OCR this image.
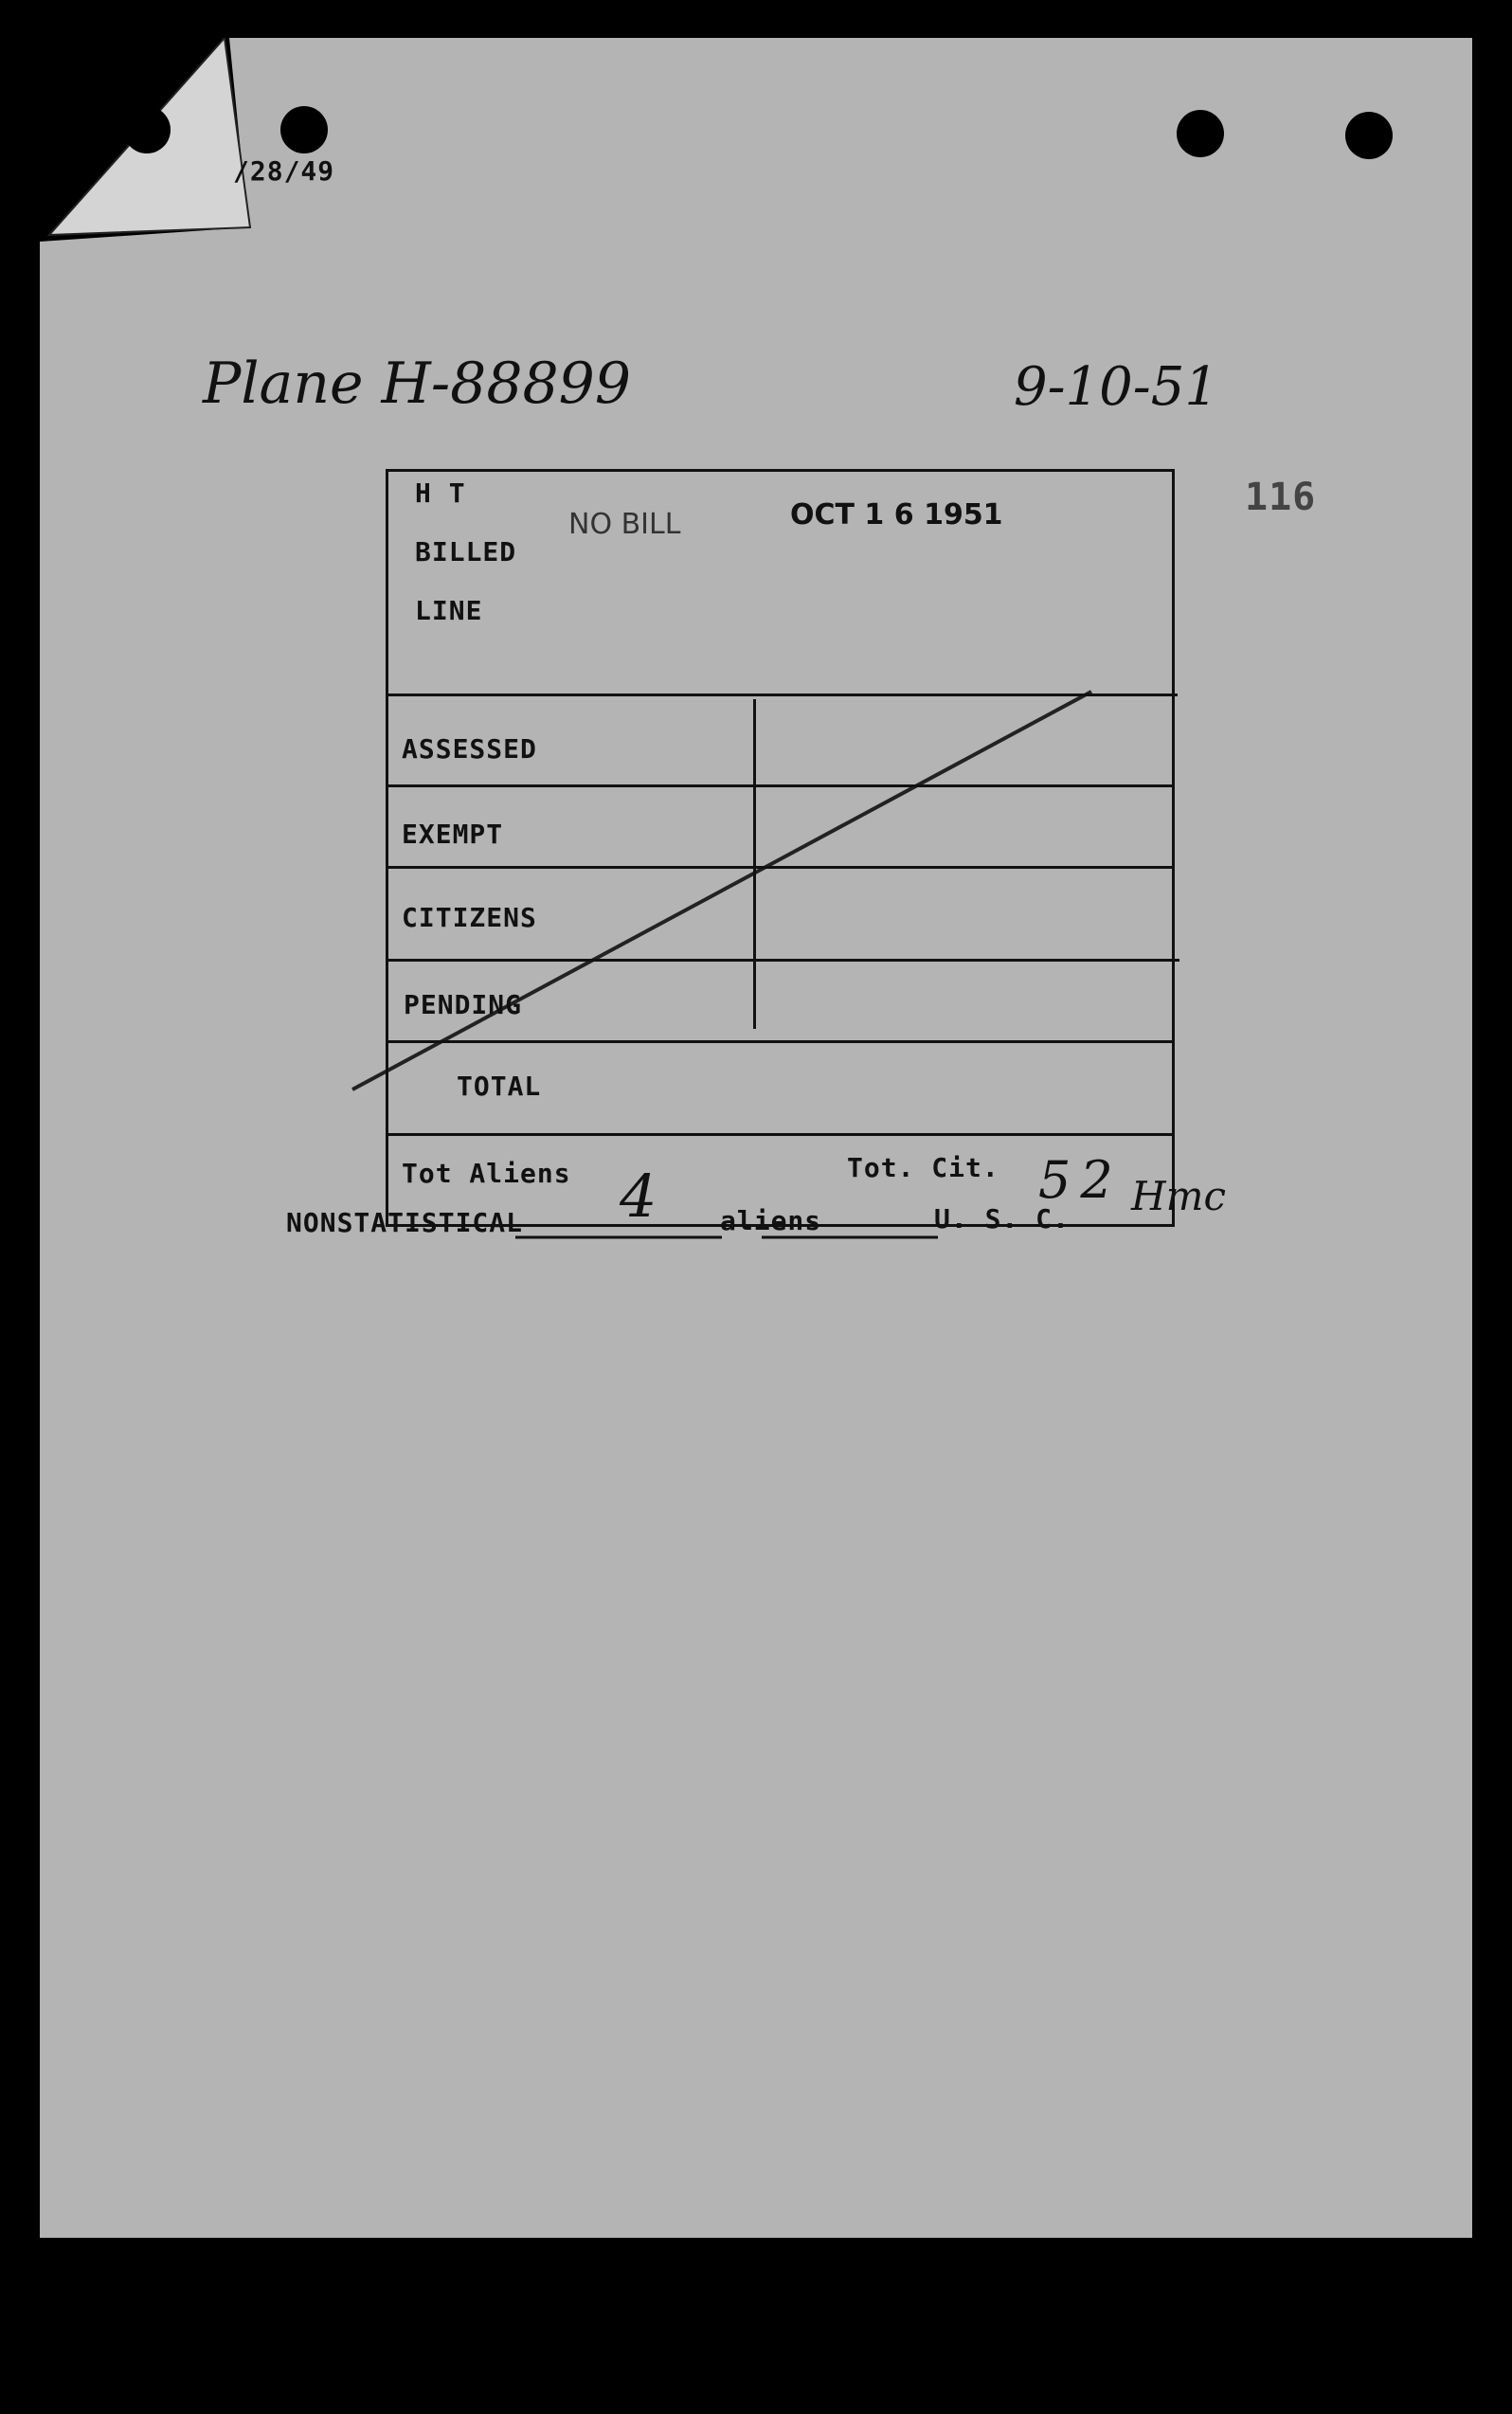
/28/49
Plane H-88899	9-10-51
116
H T
BILLED
LINE
NO BILL	OCT 1 6 1951
ASSESSED
EXEMPT
CITIZENS
PENDING
TOTAL
Tot Aliens 4	Tot. Cit. 52 Hmc
NONSTATISTICAL	aliens	U. S. C.
